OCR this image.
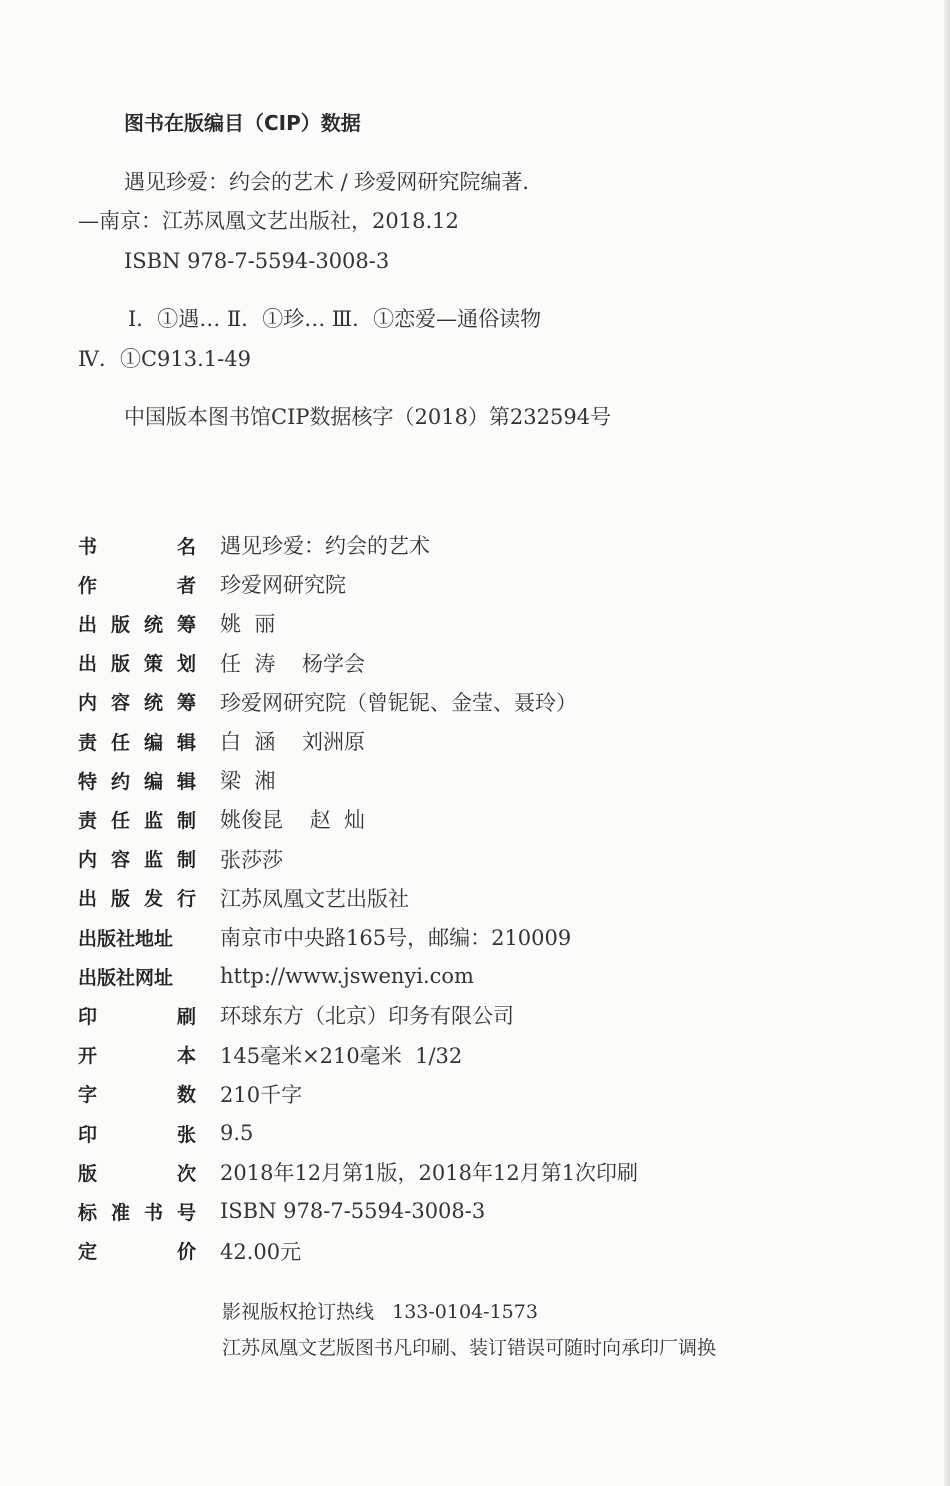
图书在版编目（CIP）数据
遇见珍爱：约会的艺术 / 珍爱网研究院编著．
—南京：江苏凤凰文艺出版社，2018.12
ISBN 978-7-5594-3008-3
Ⅰ．①遇… Ⅱ．①珍… Ⅲ．①恋爱—通俗读物
Ⅳ．①C913.1-49
中国版本图书馆CIP数据核字（2018）第232594号
书	名 遇见珍爱：约会的艺术
作	者 珍爱网研究院
出 版 统 筹 姚  丽
出 版 策 划 任  涛    杨学会
内 容 统 筹 珍爱网研究院（曾铌铌、金莹、聂玲）
责 任 编 辑 白  涵    刘洲原
特 约 编 辑 梁  湘
责 任 监 制 姚俊昆    赵  灿
内 容 监 制 张莎莎
出 版 发 行 江苏凤凰文艺出版社
出版社地址 南京市中央路165号，邮编：210009
出版社网址 http://www.jswenyi.com
印	刷 环球东方（北京）印务有限公司
开	本 145毫米×210毫米  1/32
字	数 210千字
印	张 9.5
版	次 2018年12月第1版，2018年12月第1次印刷
标 准 书 号 ISBN 978-7-5594-3008-3
定	价 42.00元
影视版权抢订热线   133-0104-1573
江苏凤凰文艺版图书凡印刷、装订错误可随时向承印厂调换
